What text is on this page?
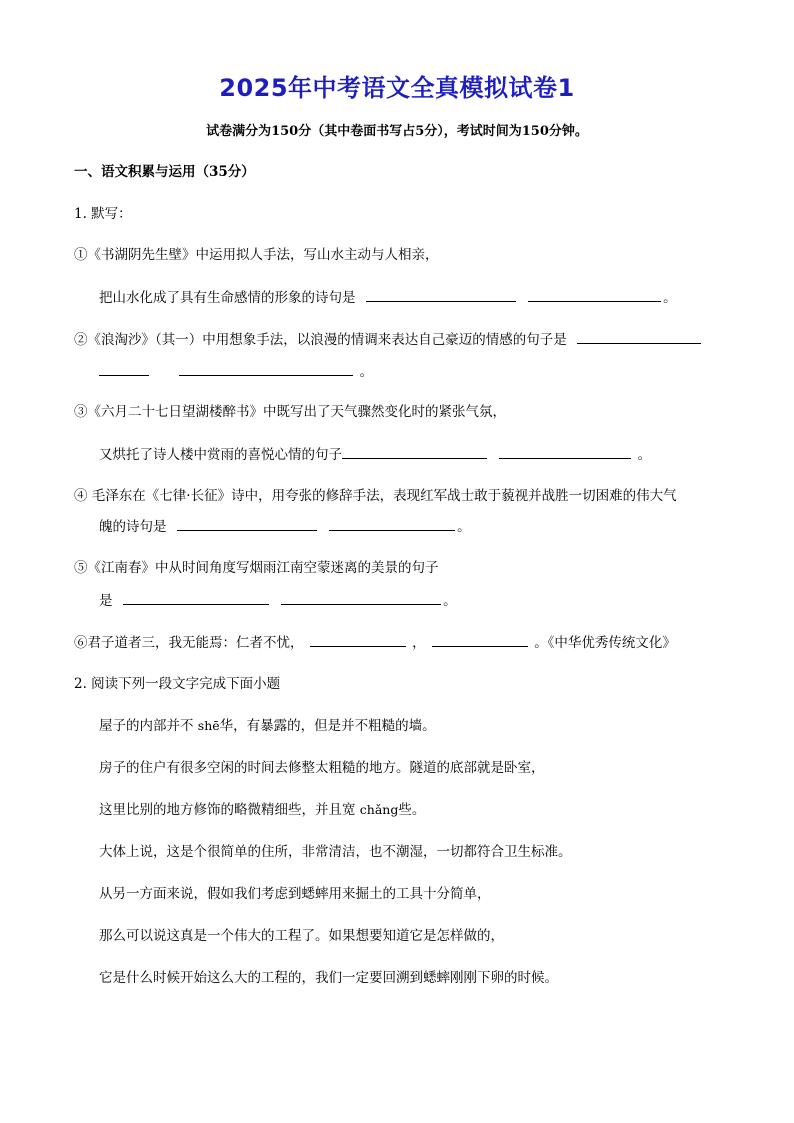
2025年中考语文全真模拟试卷1
试卷满分为150分（其中卷面书写占5分），考试时间为150分钟。
一、语文积累与运用（35分）
1. 默写：
①《书湖阴先生壁》中运用拟人手法，写山水主动与人相亲，
把山水化成了具有生命感情的形象的诗句是	。
②《浪淘沙》（其一）中用想象手法，以浪漫的情调来表达自己豪迈的情感的句子是
。
③《六月二十七日望湖楼醉书》中既写出了天气骤然变化时的紧张气氛，
又烘托了诗人楼中赏雨的喜悦心情的句子	。
④ 毛泽东在《七律·长征》诗中，用夸张的修辞手法，表现红军战士敢于藐视并战胜一切困难的伟大气
魄的诗句是	。
⑤《江南春》中从时间角度写烟雨江南空蒙迷离的美景的句子
是	。
⑥君子道者三，我无能焉：仁者不忧，	，	。《中华优秀传统文化》
2. 阅读下列一段文字完成下面小题
屋子的内部并不 shē华，有暴露的，但是并不粗糙的墙。
房子的住户有很多空闲的时间去修整太粗糙的地方。隧道的底部就是卧室，
这里比别的地方修饰的略微精细些，并且宽 chǎng些。
大体上说，这是个很简单的住所，非常清洁，也不潮湿，一切都符合卫生标准。
从另一方面来说，假如我们考虑到蟋蟀用来掘土的工具十分简单，
那么可以说这真是一个伟大的工程了。如果想要知道它是怎样做的，
它是什么时候开始这么大的工程的，我们一定要回溯到蟋蟀刚刚下卵的时候。
